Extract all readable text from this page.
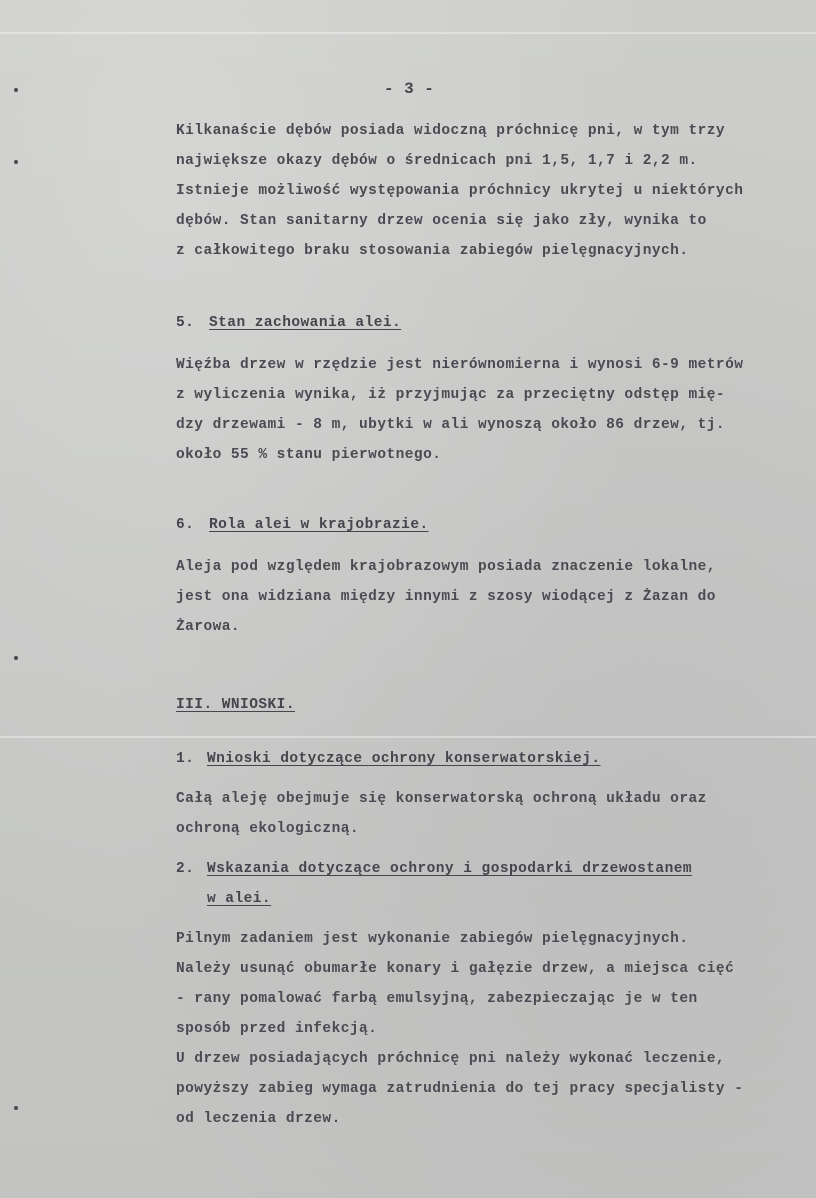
- 3 -
Kilkanaście dębów posiada widoczną próchnicę pni, w tym trzy
największe okazy dębów o średnicach pni 1,5, 1,7 i 2,2 m.
Istnieje możliwość występowania próchnicy ukrytej u niektórych
dębów. Stan sanitarny drzew ocenia się jako zły, wynika to
z całkowitego braku stosowania zabiegów pielęgnacyjnych.
5. Stan zachowania alei.
Więźba drzew w rzędzie jest nierównomierna i wynosi 6-9 metrów
z wyliczenia wynika, iż przyjmując za przeciętny odstęp mię-
dzy drzewami - 8 m, ubytki w ali wynoszą około 86 drzew, tj.
około 55 % stanu pierwotnego.
6. Rola alei w krajobrazie.
Aleja pod względem krajobrazowym posiada znaczenie lokalne,
jest ona widziana między innymi z szosy wiodącej z Żazan do
Żarowa.
III. WNIOSKI.
1. Wnioski dotyczące ochrony konserwatorskiej.
Całą aleję obejmuje się konserwatorską ochroną układu oraz
ochroną ekologiczną.
2. Wskazania dotyczące ochrony i gospodarki drzewostanem
w alei.
Pilnym zadaniem jest wykonanie zabiegów pielęgnacyjnych.
Należy usunąć obumarłe konary i gałęzie drzew, a miejsca cięć
- rany pomalować farbą emulsyjną, zabezpieczając je w ten
sposób przed infekcją.
U drzew posiadających próchnicę pni należy wykonać leczenie,
powyższy zabieg wymaga zatrudnienia do tej pracy specjalisty -
od leczenia drzew.
